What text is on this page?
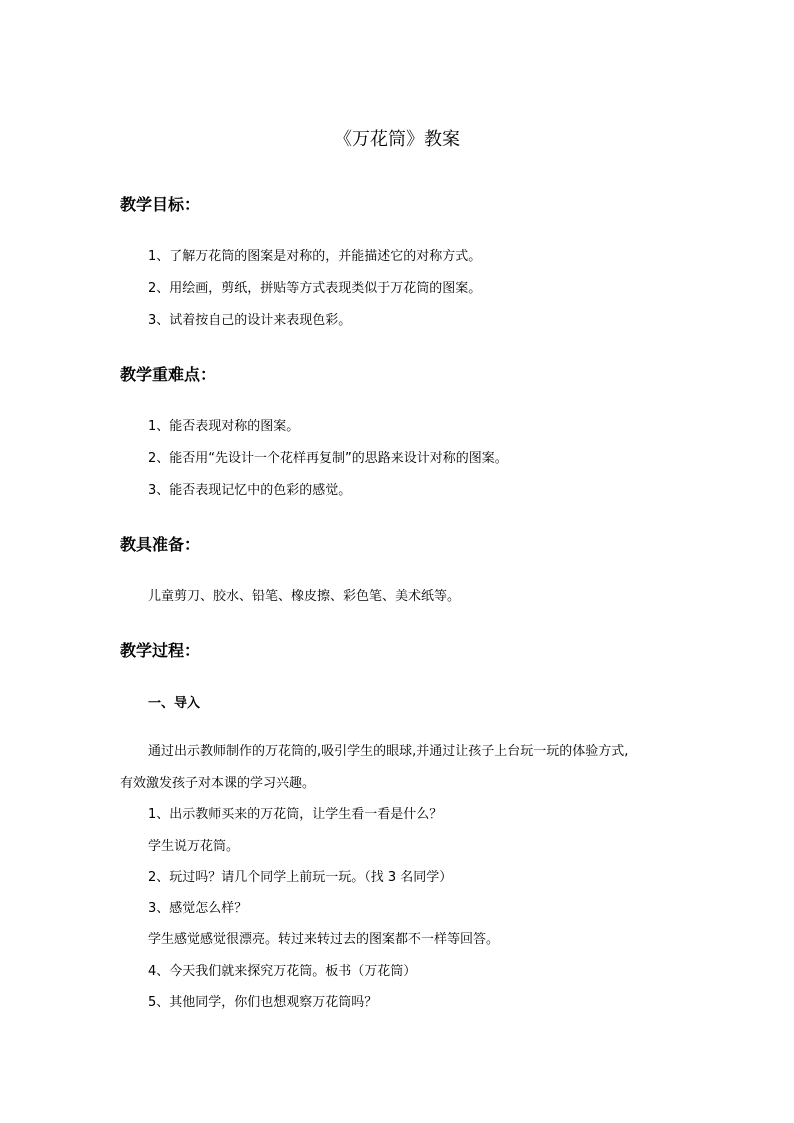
《万花筒》教案
教学目标：
1、了解万花筒的图案是对称的，并能描述它的对称方式。
2、用绘画，剪纸，拼贴等方式表现类似于万花筒的图案。
3、试着按自己的设计来表现色彩。
教学重难点：
1、能否表现对称的图案。
2、能否用“先设计一个花样再复制”的思路来设计对称的图案。
3、能否表现记忆中的色彩的感觉。
教具准备：
儿童剪刀、胶水、铅笔、橡皮擦、彩色笔、美术纸等。
教学过程：
一、导入
通过出示教师制作的万花筒的,吸引学生的眼球,并通过让孩子上台玩一玩的体验方式,
有效激发孩子对本课的学习兴趣。
1、出示教师买来的万花筒，让学生看一看是什么？
学生说万花筒。
2、玩过吗？请几个同学上前玩一玩。（找 3 名同学）
3、感觉怎么样？
学生感觉感觉很漂亮。转过来转过去的图案都不一样等回答。
4、今天我们就来探究万花筒。板书（万花筒）
5、其他同学，你们也想观察万花筒吗？
